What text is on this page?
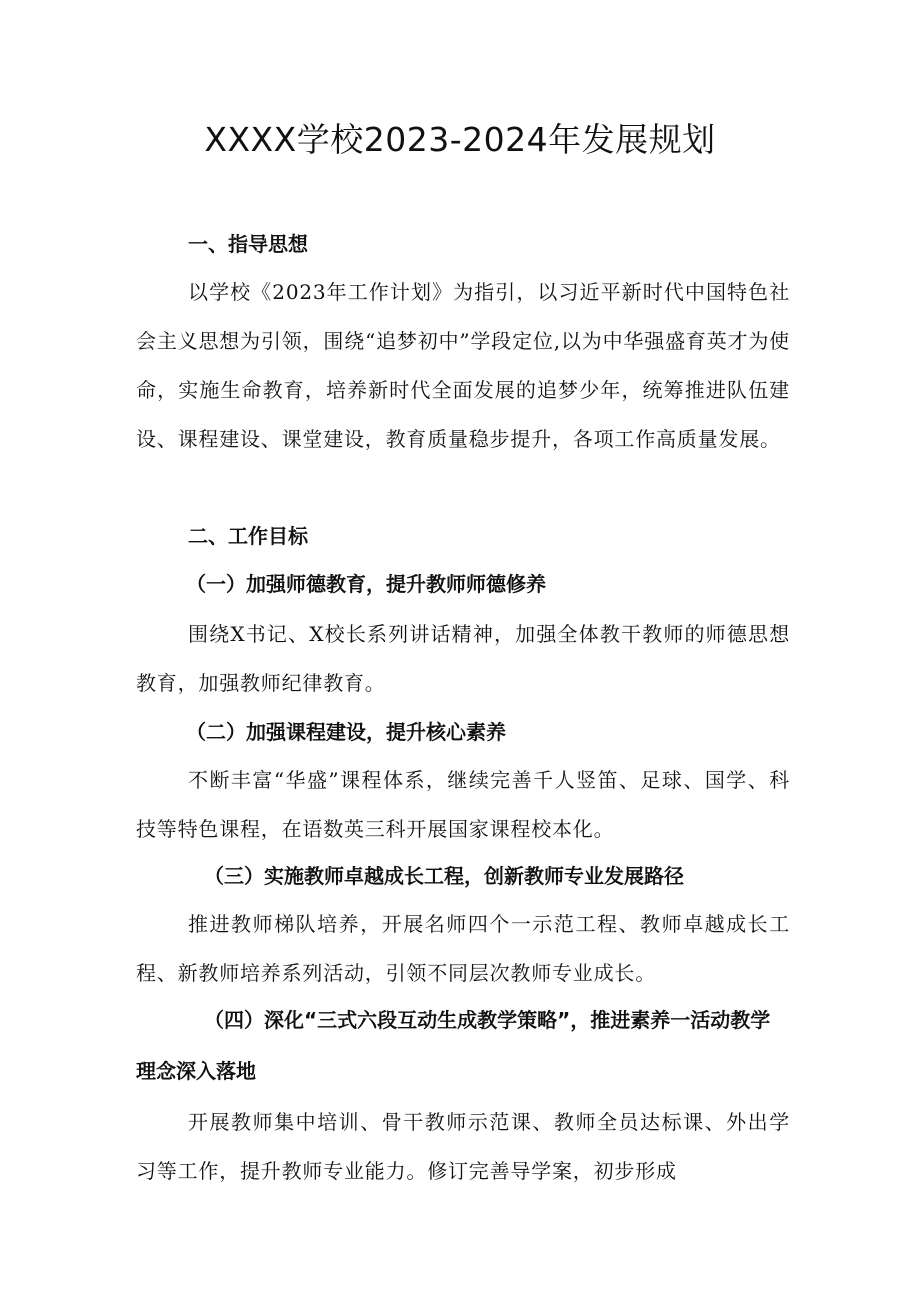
XXXX学校2023-2024年发展规划
一、指导思想

以学校《2023年工作计划》为指引，以习近平新时代中国特色社会主义思想为引领，围绕“追梦初中”学段定位,以为中华强盛育英才为使命，实施生命教育，培养新时代全面发展的追梦少年，统筹推进队伍建设、课程建设、课堂建设，教育质量稳步提升，各项工作高质量发展。

二、工作目标
（一）加强师德教育，提升教师师德修养

围绕X书记、X校长系列讲话精神，加强全体教干教师的师德思想教育，加强教师纪律教育。

（二）加强课程建设，提升核心素养

不断丰富“华盛”课程体系，继续完善千人竖笛、足球、国学、科技等特色课程，在语数英三科开展国家课程校本化。

（三）实施教师卓越成长工程，创新教师专业发展路径

推进教师梯队培养，开展名师四个一示范工程、教师卓越成长工程、新教师培养系列活动，引领不同层次教师专业成长。

（四）深化“三式六段互动生成教学策略”，推进素养一活动教学理念深入落地

开展教师集中培训、骨干教师示范课、教师全员达标课、外出学习等工作，提升教师专业能力。修订完善导学案，初步形成
